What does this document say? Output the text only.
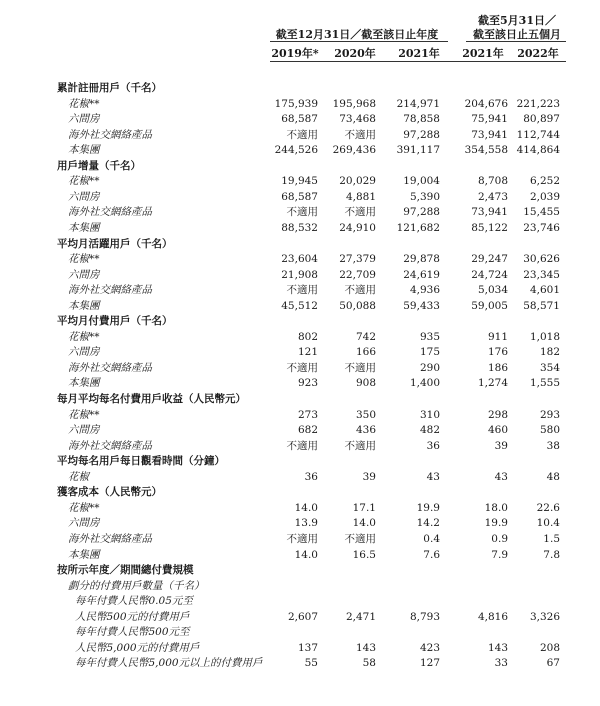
截至12月31日／截至該日止年度
截至5月31日／
截至該日止五個月
2019年*	2020年	2021年	2021年	2022年
累計註冊用戶（千名）
花椒**	175,939	195,968	214,971	204,676 221,223
六間房	68,587	73,468	78,858	75,941	80,897
海外社交網絡產品	不適用	不適用	97,288	73,941 112,744
本集團	244,526	269,436	391,117	354,558 414,864
用戶增量（千名）
花椒**	19,945	20,029	19,004	8,708	6,252
六間房	68,587	4,881	5,390	2,473	2,039
海外社交網絡產品	不適用	不適用	97,288	73,941	15,455
本集團	88,532	24,910	121,682	85,122	23,746
平均月活躍用戶（千名）
花椒**	23,604	27,379	29,878	29,247	30,626
六間房	21,908	22,709	24,619	24,724	23,345
海外社交網絡產品	不適用	不適用	4,936	5,034	4,601
本集團	45,512	50,088	59,433	59,005	58,571
平均月付費用戶（千名）
花椒**	802	742	935	911	1,018
六間房	121	166	175	176	182
海外社交網絡產品	不適用	不適用	290	186	354
本集團	923	908	1,400	1,274	1,555
每月平均每名付費用戶收益（人民幣元）
花椒**	273	350	310	298	293
六間房	682	436	482	460	580
海外社交網絡產品	不適用	不適用	36	39	38
平均每名用戶每日觀看時間（分鐘）
花椒	36	39	43	43	48
獲客成本（人民幣元）
花椒**	14.0	17.1	19.9	18.0	22.6
六間房	13.9	14.0	14.2	19.9	10.4
海外社交網絡產品	不適用	不適用	0.4	0.9	1.5
本集團	14.0	16.5	7.6	7.9	7.8
按所示年度／期間總付費規模
劃分的付費用戶數量（千名）
每年付費人民幣0.05元至
人民幣500元的付費用戶	2,607	2,471	8,793	4,816	3,326
每年付費人民幣500元至
人民幣5,000元的付費用戶	137	143	423	143	208
每年付費人民幣5,000元以上的付費用戶	55	58	127	33	67
